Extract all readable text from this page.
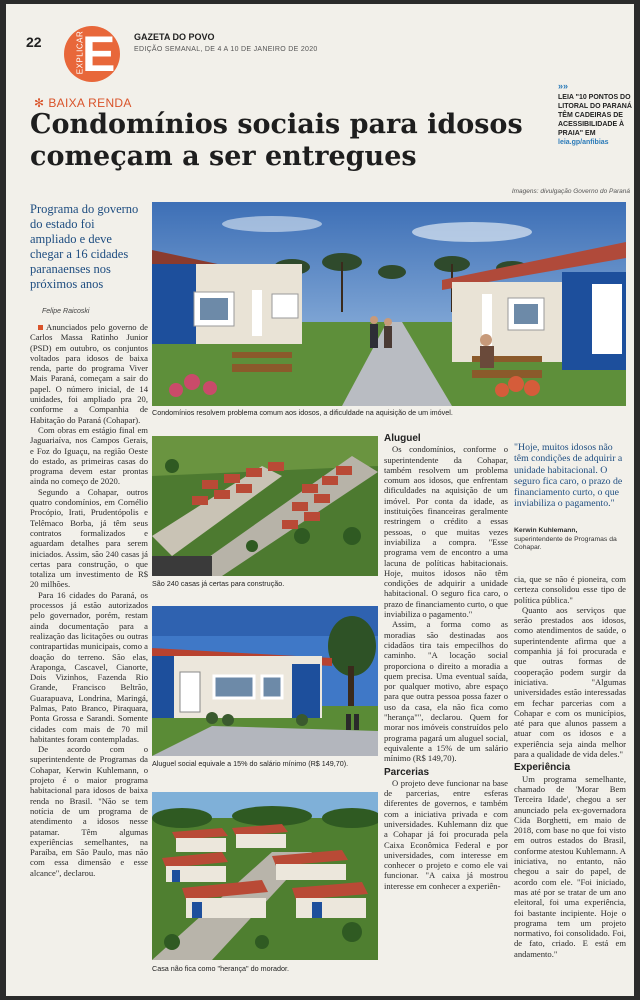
22	EXPLICAR
E GAZETA DO POVO
EDIÇÃO SEMANAL, DE 4 A 10 DE JANEIRO DE 2020
✻ BAIXA RENDA
Condomínios sociais para idosos
começam a ser entregues
»»
LEIA "10 PONTOS DO LITORAL DO PARANÁ TÊM CADEIRAS DE ACESSIBILIDADE À PRAIA" EM leia.gp/anfibias
Imagens: divulgação Governo do Paraná
Programa do governo do estado foi ampliado e deve chegar a 16 cidades paranaenses nos próximos anos
Felipe Raicoski

Anunciados pelo governo de Carlos Massa Ratinho Junior (PSD) em outubro, os conjuntos voltados para idosos de baixa renda, parte do programa Viver Mais Paraná, começam a sair do papel. O número inicial, de 14 unidades, foi ampliado pra 20, conforme a Companhia de Habitação do Paraná (Cohapar).

Com obras em estágio final em Jaguariaíva, nos Campos Gerais, e Foz do Iguaçu, na região Oeste do estado, as primeiras casas do programa devem estar prontas ainda no começo de 2020.

Segundo a Cohapar, outros quatro condomínios, em Cornélio Procópio, Irati, Prudentópolis e Telêmaco Borba, já têm seus contratos formalizados e aguardam detalhes para serem iniciados. Assim, são 240 casas já certas para construção, o que totaliza um investimento de R$ 20 milhões.

Para 16 cidades do Paraná, os processos já estão autorizados pelo governador, porém, restam ainda documentação para a realização das licitações ou outras contrapartidas municipais, como a doação do terreno. São elas, Araponga, Cascavel, Cianorte, Dois Vizinhos, Fazenda Rio Grande, Francisco Beltrão, Guarapuava, Londrina, Maringá, Palmas, Pato Branco, Piraquara, Ponta Grossa e Sarandi. Somente cidades com mais de 70 mil habitantes foram contempladas.

De acordo com o superintendente de Programas da Cohapar, Kerwin Kuhlemann, o projeto é o maior programa habitacional para idosos de baixa renda no Brasil. "Não se tem notícia de um programa de atendimento a idosos nesse patamar. Têm algumas experiências semelhantes, na Paraíba, em São Paulo, mas não com essa dimensão e esse alcance", declarou.

Condomínios resolvem problema comum aos idosos, a dificuldade na aquisição de um imóvel.
São 240 casas já certas para construção.
Aluguel social equivale a 15% do salário mínimo (R$ 149,70).
Casa não fica como "herança" do morador.
Aluguel

Os condomínios, conforme o superintendente da Cohapar, também resolvem um problema comum aos idosos, que enfrentam dificuldades na aquisição de um imóvel. Por conta da idade, as instituições financeiras geralmente restringem o crédito a essas pessoas, o que muitas vezes inviabiliza a compra. "Esse programa vem de encontro a uma lacuna de políticas habitacionais. Hoje, muitos idosos não têm condições de adquirir a unidade habitacional. O seguro fica caro, o prazo de financiamento curto, o que inviabiliza o pagamento."

Assim, a forma como as moradias são destinadas aos cidadãos tira tais empecilhos do caminho. "A locação social proporciona o direito a moradia a quem precisa. Uma eventual saída, por qualquer motivo, abre espaço para que outra pessoa possa fazer o uso da casa, ela não fica como "herança"", declarou. Quem for morar nos imóveis construídos pelo programa pagará um aluguel social, equivalente a 15% de um salário mínimo (R$ 149,70).

Parcerias

O projeto deve funcionar na base de parcerias, entre esferas diferentes de governos, e também com a iniciativa privada e com universidades. Kuhlemann diz que a Cohapar já foi procurada pela Caixa Econômica Federal e por universidades, com interesse em conhecer o projeto e como ele vai funcionar. "A caixa já mostrou interesse em conhecer a experiên-

"Hoje, muitos idosos não têm condições de adquirir a unidade habitacional. O seguro fica caro, o prazo de financiamento curto, o que inviabiliza o pagamento."
Kerwin Kuhlemann,
superintendente de Programas da Cohapar.

cia, que se não é pioneira, com certeza consolidou esse tipo de política pública."

Quanto aos serviços que serão prestados aos idosos, como atendimentos de saúde, o superintendente afirma que a companhia já foi procurada e que outras formas de cooperação podem surgir da iniciativa. "Algumas universidades estão interessadas em fechar parcerias com a Cohapar e com os municípios, até para que alunos passem a atuar com os idosos e a experiência seja ainda melhor para a qualidade de vida deles."

Experiência

Um programa semelhante, chamado de 'Morar Bem Terceira Idade', chegou a ser anunciado pela ex-governadora Cida Borghetti, em maio de 2018, com base no que foi visto em outros estados do Brasil, conforme atestou Kuhlemann. A iniciativa, no entanto, não chegou a sair do papel, de acordo com ele. "Foi iniciado, mas até por se tratar de um ano eleitoral, foi uma experiência, foi bastante incipiente. Hoje o programa tem um projeto normativo, foi consolidado. Foi, de fato, criado. E está em andamento."
